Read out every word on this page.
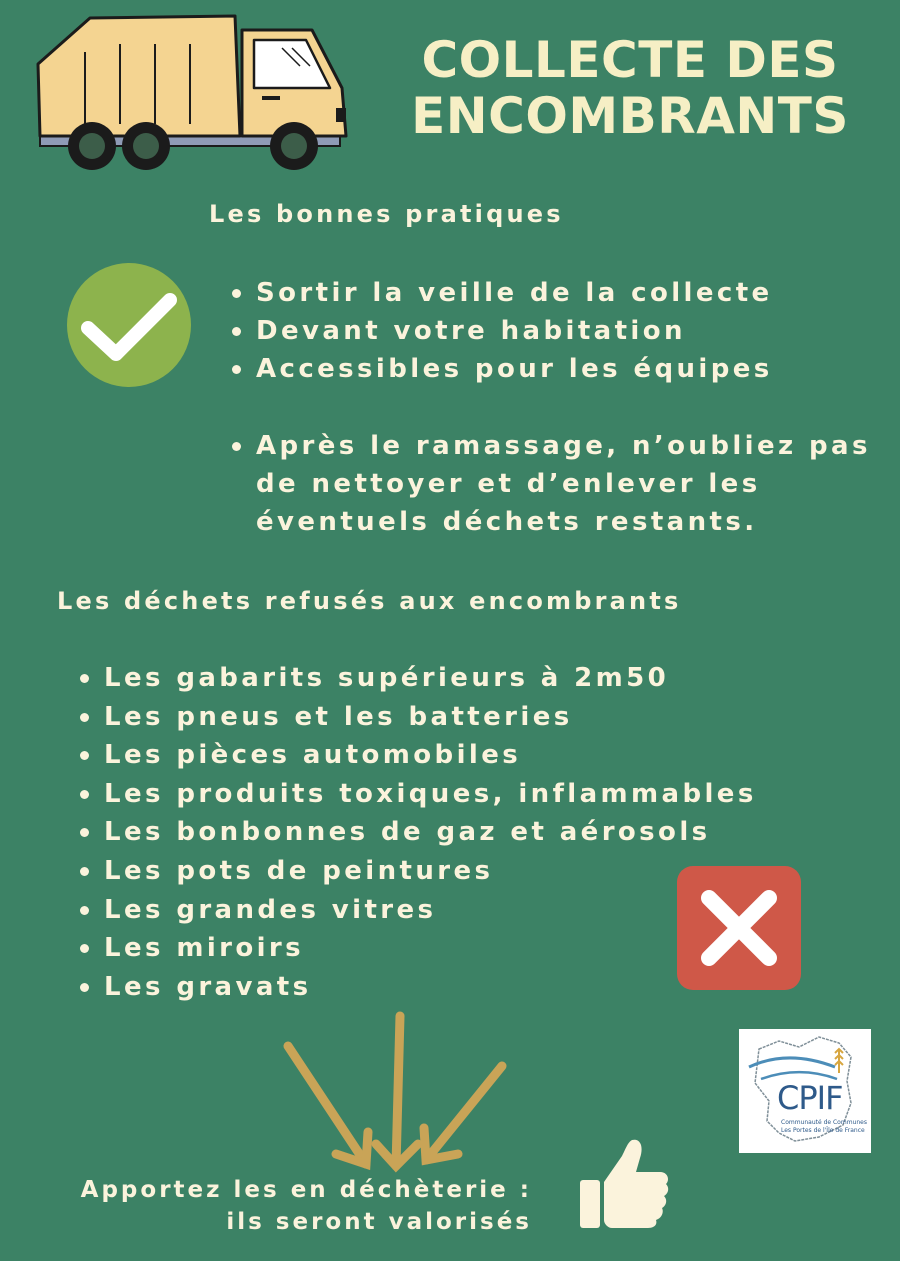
COLLECTE DES
ENCOMBRANTS
Les bonnes pratiques
Sortir la veille de la collecte
Devant votre habitation
Accessibles pour les équipes
Après le ramassage, n’oubliez pas de nettoyer et d’enlever les éventuels déchets restants.
Les déchets refusés aux encombrants
Les gabarits supérieurs à 2m50
Les pneus et les batteries
Les pièces automobiles
Les produits toxiques, inflammables
Les bonbonnes de gaz et aérosols
Les pots de peintures
Les grandes vitres
Les miroirs
Les gravats
Apportez les en déchèterie :
ils seront valorisés
CPIF
Communauté de Communes
Les Portes de l'Île de France
